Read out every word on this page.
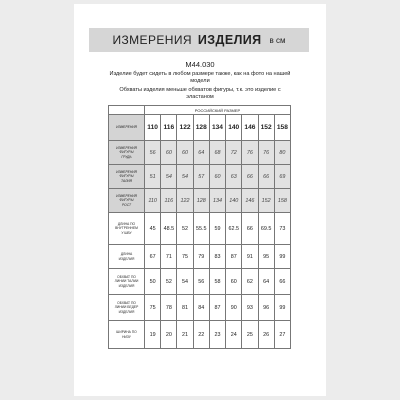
ИЗМЕРЕНИЯ ИЗДЕЛИЯ в см
М44.030
Изделие будет сидеть в любом размере также, как на фото на нашей
модели
Обхваты изделия меньше обхватов фигуры, т.к. это изделие с
эластаном
	РОССИЙСКИЙ РАЗМЕР								
ИЗМЕРЕНИЯ	110	116	122	128	134	140	146	152	158

ИЗМЕРЕНИЯ
ФИГУРЫ
ГРУДЬ	56	60	60	64	68	72	76	76	80

ИЗМЕРЕНИЯ
ФИГУРЫ
ТАЛИЯ	51	54	54	57	60	63	66	66	69

ИЗМЕРЕНИЯ
ФИГУРЫ
РОСТ	110	116	122	128	134	140	146	152	158

ДЛИНА ПО
ВНУТРЕННЕМ
У ШВУ	45	48.5	52	55.5	59	62.5	66	69.5	73

ДЛИНА
ИЗДЕЛИЯ	67	71	75	79	83	87	91	95	99

ОБХВАТ ПО
ЛИНИИ ТАЛИИ
ИЗДЕЛИЯ	50	52	54	56	58	60	62	64	66

ОБХВАТ ПО
ЛИНИИ БЕДЕР
ИЗДЕЛИЯ	75	78	81	84	87	90	93	96	99

ШИРИНА ПО
НИЗУ	19	20	21	22	23	24	25	26	27
